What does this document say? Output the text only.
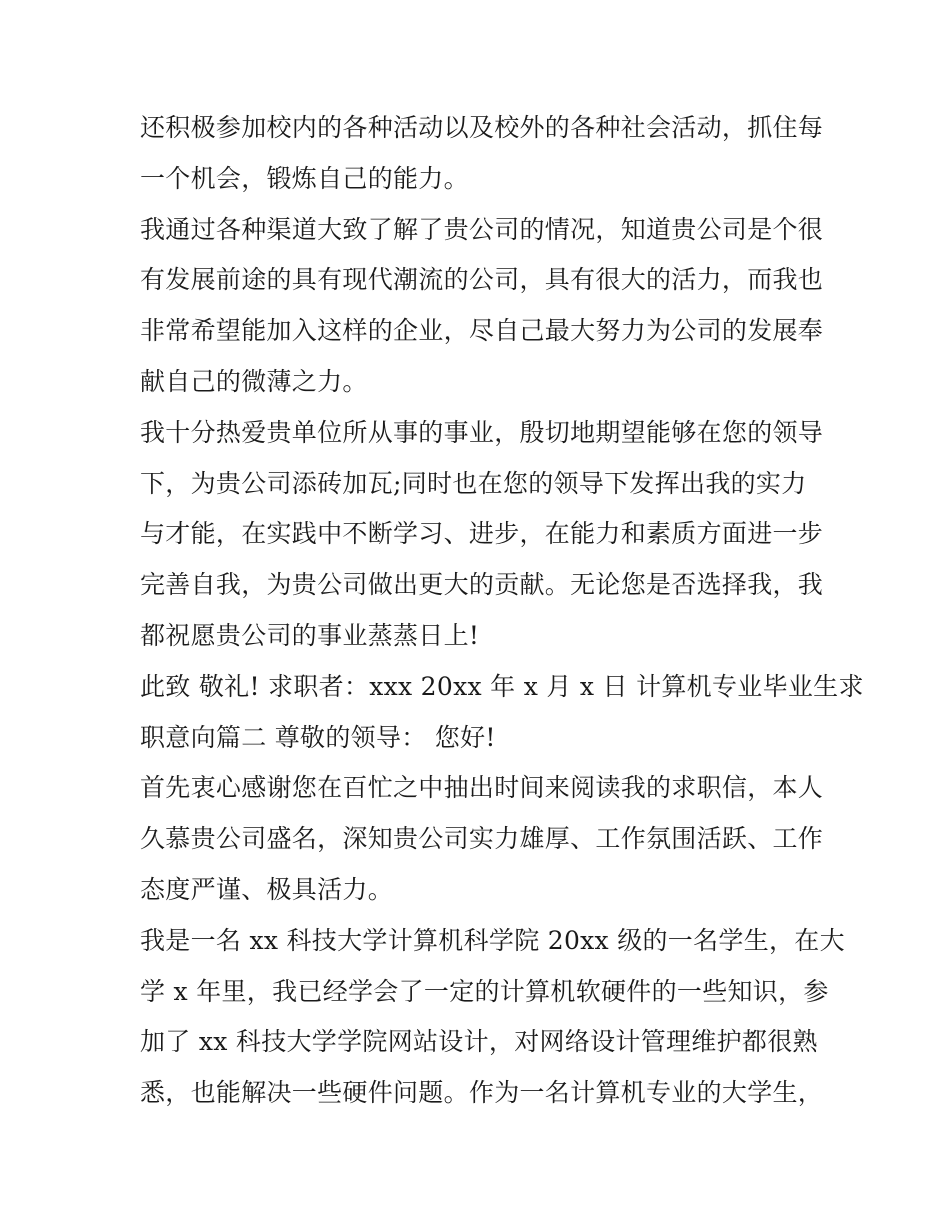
还积极参加校内的各种活动以及校外的各种社会活动，抓住每
一个机会，锻炼自己的能力。
我通过各种渠道大致了解了贵公司的情况，知道贵公司是个很
有发展前途的具有现代潮流的公司，具有很大的活力，而我也
非常希望能加入这样的企业，尽自己最大努力为公司的发展奉
献自己的微薄之力。
我十分热爱贵单位所从事的事业，殷切地期望能够在您的领导
下，为贵公司添砖加瓦;同时也在您的领导下发挥出我的实力
与才能，在实践中不断学习、进步，在能力和素质方面进一步
完善自我，为贵公司做出更大的贡献。无论您是否选择我，我
都祝愿贵公司的事业蒸蒸日上!
此致 敬礼! 求职者：xxx 20xx 年 x 月 x 日 计算机专业毕业生求
职意向篇二 尊敬的领导： 您好!
首先衷心感谢您在百忙之中抽出时间来阅读我的求职信，本人
久慕贵公司盛名，深知贵公司实力雄厚、工作氛围活跃、工作
态度严谨、极具活力。
我是一名 xx 科技大学计算机科学院 20xx 级的一名学生，在大
学 x 年里，我已经学会了一定的计算机软硬件的一些知识，参
加了 xx 科技大学学院网站设计，对网络设计管理维护都很熟
悉，也能解决一些硬件问题。作为一名计算机专业的大学生，
